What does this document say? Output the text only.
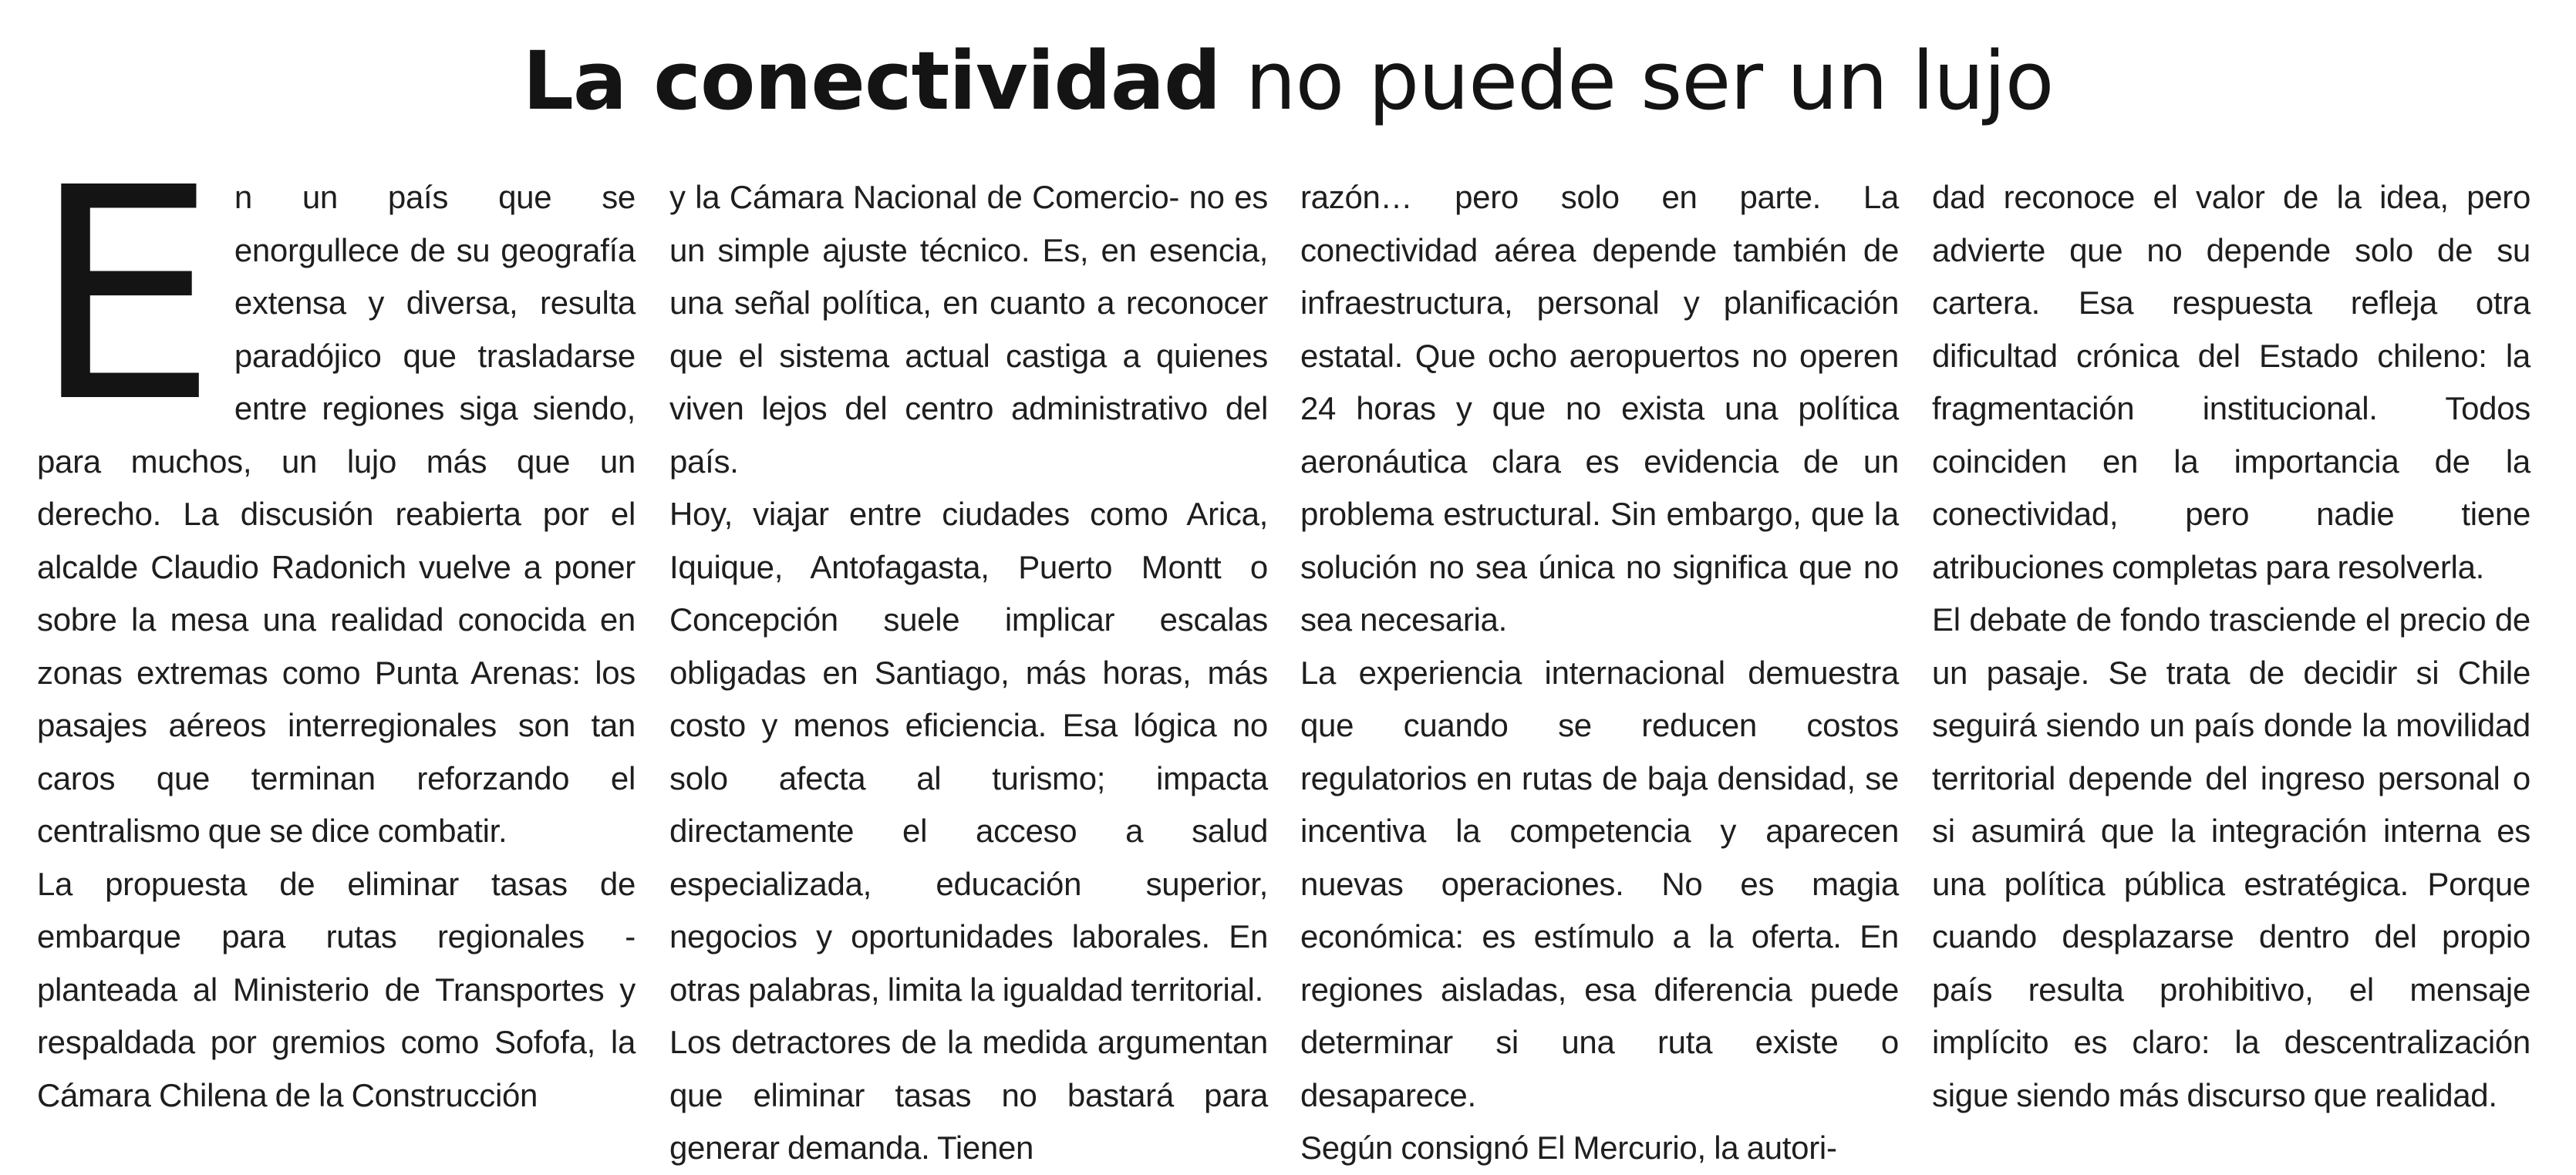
La conectividad no puede ser un lujo
E n un país que se enorgullece de su geografía extensa y diversa, resulta paradójico que trasladarse entre regiones siga siendo, para muchos, un lujo más que un derecho. La discusión reabierta por el alcalde Claudio Radonich vuelve a poner sobre la mesa una realidad conocida en zonas extremas como Punta Arenas: los pasajes aéreos interregionales son tan caros que terminan reforzando el centralismo que se dice combatir.

La propuesta de eliminar tasas de embarque para rutas regionales -planteada al Ministerio de Transportes y respaldada por gremios como Sofofa, la Cámara Chilena de la Construcción

y la Cámara Nacional de Comercio- no es un simple ajuste técnico. Es, en esencia, una señal política, en cuanto a reconocer que el sistema actual castiga a quienes viven lejos del centro administrativo del país.

Hoy, viajar entre ciudades como Arica, Iquique, Antofagasta, Puerto Montt o Concepción suele implicar escalas obligadas en Santiago, más horas, más costo y menos eficiencia. Esa lógica no solo afecta al turismo; impacta directamente el acceso a salud especializada, educación superior, negocios y oportunidades laborales. En otras palabras, limita la igualdad territorial.

Los detractores de la medida argumentan que eliminar tasas no bastará para generar demanda. Tienen

razón… pero solo en parte. La conectividad aérea depende también de infraestructura, personal y planificación estatal. Que ocho aeropuertos no operen 24 horas y que no exista una política aeronáutica clara es evidencia de un problema estructural. Sin embargo, que la solución no sea única no significa que no sea necesaria.

La experiencia internacional demuestra que cuando se reducen costos regulatorios en rutas de baja densidad, se incentiva la competencia y aparecen nuevas operaciones. No es magia económica: es estímulo a la oferta. En regiones aisladas, esa diferencia puede determinar si una ruta existe o desaparece.

Según consignó El Mercurio, la autori-

dad reconoce el valor de la idea, pero advierte que no depende solo de su cartera. Esa respuesta refleja otra dificultad crónica del Estado chileno: la fragmentación institucional. Todos coinciden en la importancia de la conectividad, pero nadie tiene atribuciones completas para resolverla.

El debate de fondo trasciende el precio de un pasaje. Se trata de decidir si Chile seguirá siendo un país donde la movilidad territorial depende del ingreso personal o si asumirá que la integración interna es una política pública estratégica. Porque cuando desplazarse dentro del propio país resulta prohibitivo, el mensaje implícito es claro: la descentralización sigue siendo más discurso que realidad.
